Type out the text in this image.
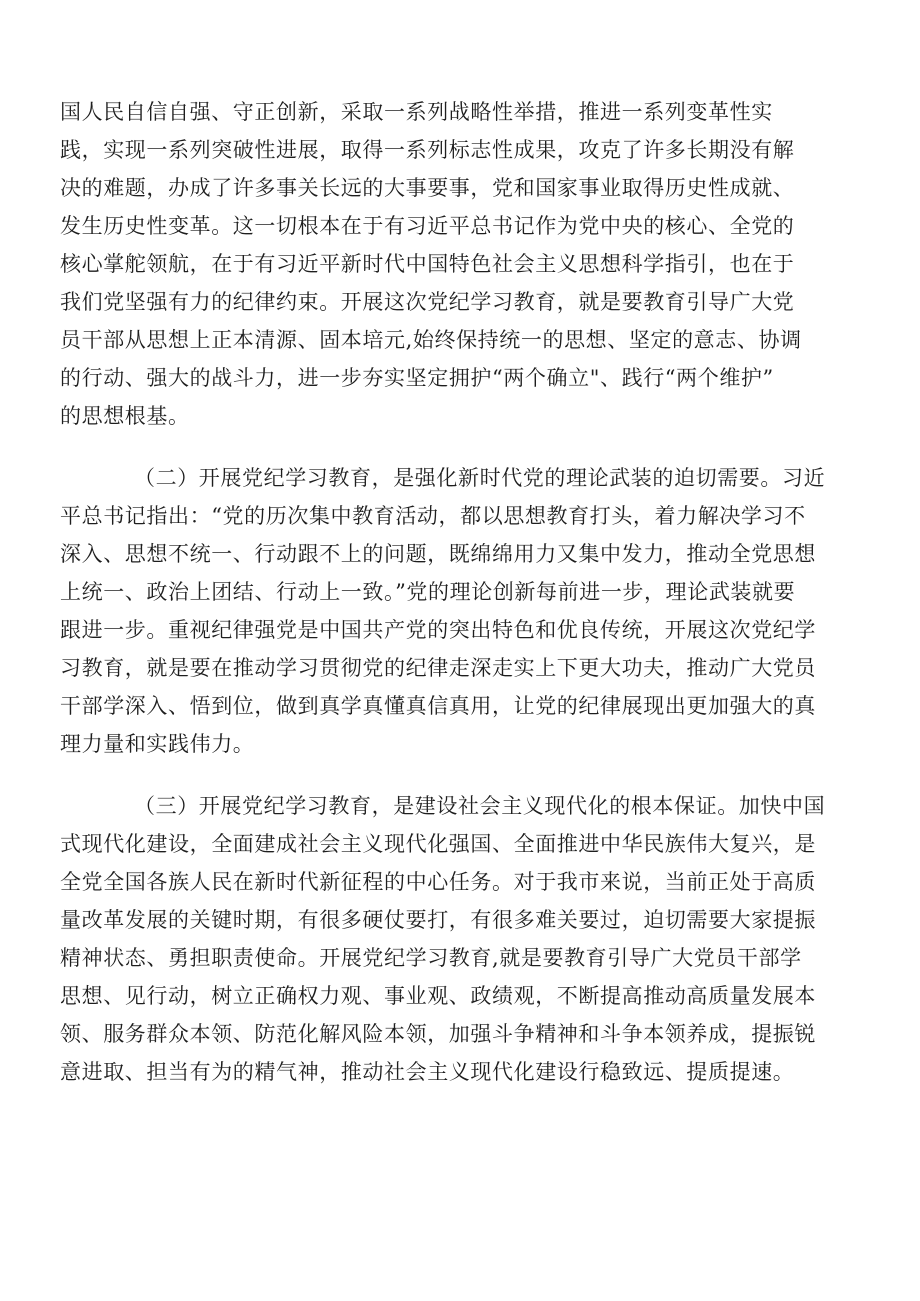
国人民自信自强、守正创新，采取一系列战略性举措，推进一系列变革性实
践，实现一系列突破性进展，取得一系列标志性成果，攻克了许多长期没有解
决的难题，办成了许多事关长远的大事要事，党和国家事业取得历史性成就、
发生历史性变革。这一切根本在于有习近平总书记作为党中央的核心、全党的
核心掌舵领航，在于有习近平新时代中国特色社会主义思想科学指引，也在于
我们党坚强有力的纪律约束。开展这次党纪学习教育，就是要教育引导广大党
员干部从思想上正本清源、固本培元,始终保持统一的思想、坚定的意志、协调
的行动、强大的战斗力，进一步夯实坚定拥护“两个确立"、践行“两个维护”
的思想根基。
（二）开展党纪学习教育，是强化新时代党的理论武装的迫切需要。习近
平总书记指出：“党的历次集中教育活动，都以思想教育打头，着力解决学习不
深入、思想不统一、行动跟不上的问题，既绵绵用力又集中发力，推动全党思想
上统一、政治上团结、行动上一致。”党的理论创新每前进一步，理论武装就要
跟进一步。重视纪律强党是中国共产党的突出特色和优良传统，开展这次党纪学
习教育，就是要在推动学习贯彻党的纪律走深走实上下更大功夫，推动广大党员
干部学深入、悟到位，做到真学真懂真信真用，让党的纪律展现出更加强大的真
理力量和实践伟力。
（三）开展党纪学习教育，是建设社会主义现代化的根本保证。加快中国
式现代化建设，全面建成社会主义现代化强国、全面推进中华民族伟大复兴，是
全党全国各族人民在新时代新征程的中心任务。对于我市来说，当前正处于高质
量改革发展的关键时期，有很多硬仗要打，有很多难关要过，迫切需要大家提振
精神状态、勇担职责使命。开展党纪学习教育,就是要教育引导广大党员干部学
思想、见行动，树立正确权力观、事业观、政绩观，不断提高推动高质量发展本
领、服务群众本领、防范化解风险本领，加强斗争精神和斗争本领养成，提振锐
意进取、担当有为的精气神，推动社会主义现代化建设行稳致远、提质提速。
